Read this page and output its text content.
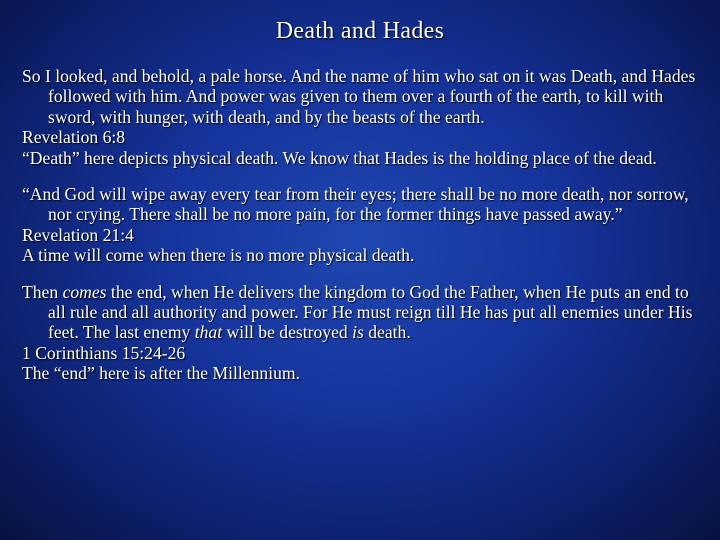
Death and Hades

So I looked, and behold, a pale horse. And the name of him who sat on it was Death, and Hades followed with him. And power was given to them over a fourth of the earth, to kill with sword, with hunger, with death, and by the beasts of the earth.

Revelation 6:8

“Death” here depicts physical death. We know that Hades is the holding place of the dead.

“And God will wipe away every tear from their eyes; there shall be no more death, nor sorrow, nor crying. There shall be no more pain, for the former things have passed away.”

Revelation 21:4

A time will come when there is no more physical death.

Then comes the end, when He delivers the kingdom to God the Father, when He puts an end to all rule and all authority and power. For He must reign till He has put all enemies under His feet. The last enemy that will be destroyed is death.

1 Corinthians 15:24-26

The “end” here is after the Millennium.
